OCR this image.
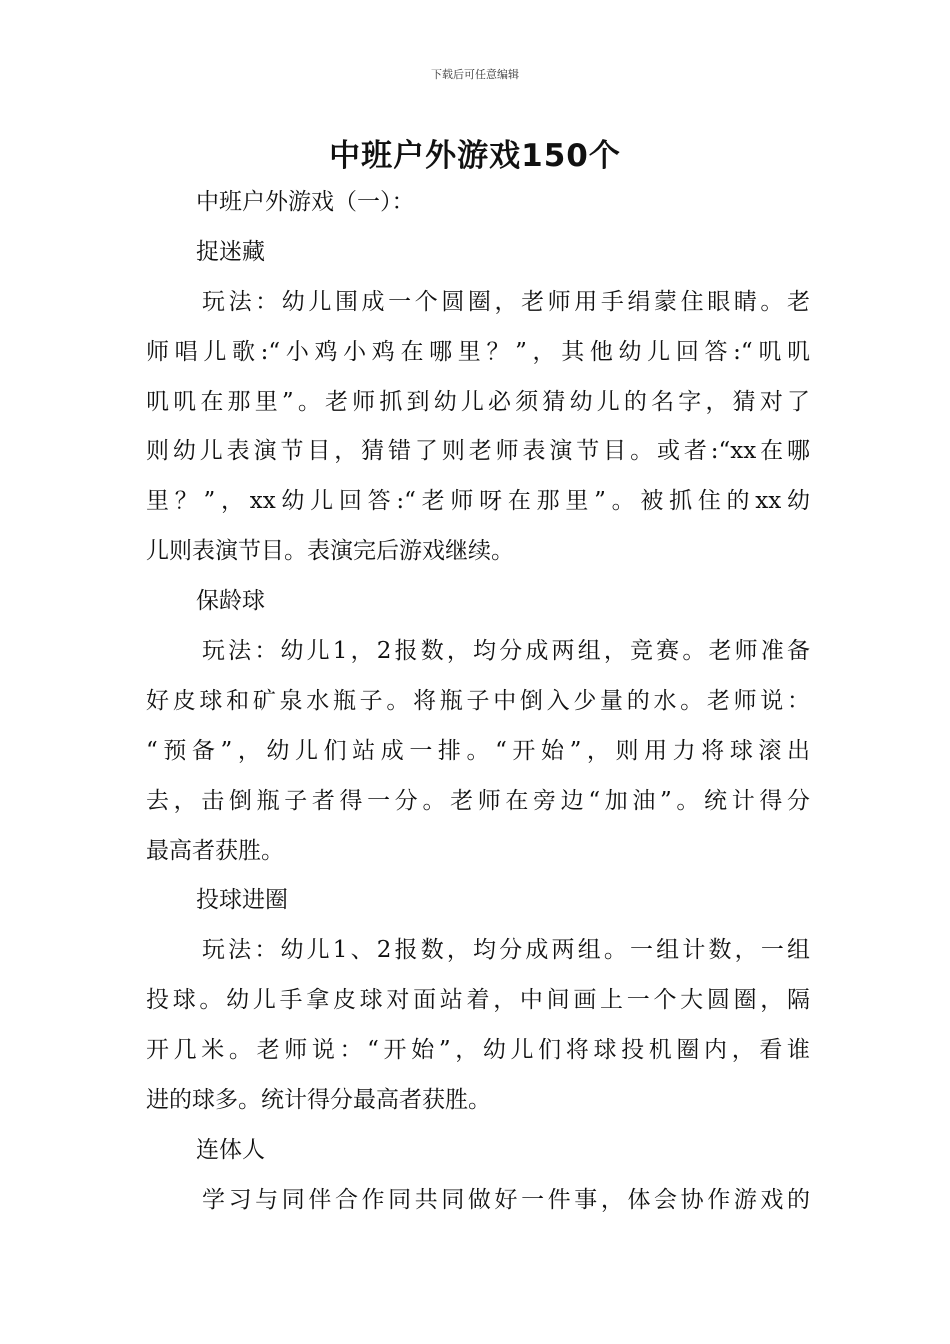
下载后可任意编辑
中班户外游戏150个
中班户外游戏（一）：
捉迷藏
玩法：幼儿围成一个圆圈，老师用手绢蒙住眼睛。老
师唱儿歌:“小鸡小鸡在哪里？”，其他幼儿回答:“叽叽
叽叽在那里”。老师抓到幼儿必须猜幼儿的名字，猜对了
则幼儿表演节目，猜错了则老师表演节目。或者:“xx在哪
里？”，xx幼儿回答:“老师呀在那里”。被抓住的xx幼
儿则表演节目。表演完后游戏继续。
保龄球
玩法：幼儿1，2报数，均分成两组，竞赛。老师准备
好皮球和矿泉水瓶子。将瓶子中倒入少量的水。老师说：
“预备”，幼儿们站成一排。“开始”，则用力将球滚出
去，击倒瓶子者得一分。老师在旁边“加油”。统计得分
最高者获胜。
投球进圈
玩法：幼儿1、2报数，均分成两组。一组计数，一组
投球。幼儿手拿皮球对面站着，中间画上一个大圆圈，隔
开几米。老师说：“开始”，幼儿们将球投机圈内，看谁
进的球多。统计得分最高者获胜。
连体人
学习与同伴合作同共同做好一件事，体会协作游戏的
